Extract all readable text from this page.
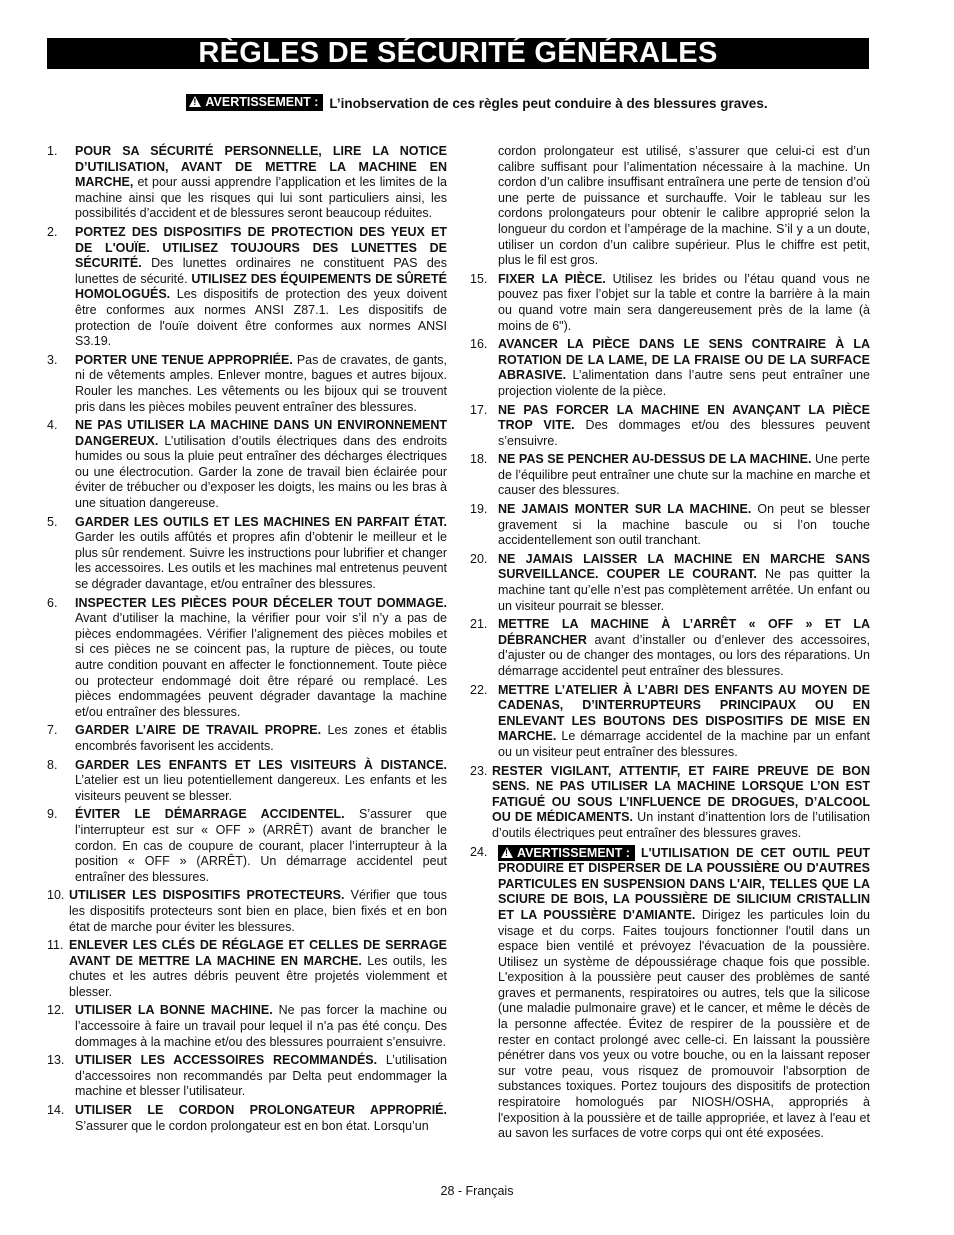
RÈGLES DE SÉCURITÉ GÉNÉRALES
!AVERTISSEMENT : L’inobservation de ces règles peut conduire à des blessures graves.
1. POUR SA SÉCURITÉ PERSONNELLE, LIRE LA NOTICE D’UTILISATION, AVANT DE METTRE LA MACHINE EN MARCHE, et pour aussi apprendre l’application et les limites de la machine ainsi que les risques qui lui sont particuliers ainsi, les possibilités d’accident et de blessures seront beaucoup réduites.
2. PORTEZ DES DISPOSITIFS DE PROTECTION DES YEUX ET DE L'OUÏE. UTILISEZ TOUJOURS DES LUNETTES DE SÉCURITÉ. Des lunettes ordinaires ne constituent PAS des lunettes de sécurité. UTILISEZ DES ÉQUIPEMENTS DE SÛRETÉ HOMOLOGUÉS. Les dispositifs de protection des yeux doivent être conformes aux normes ANSI Z87.1. Les dispositifs de protection de l'ouïe doivent être conformes aux normes ANSI S3.19.
3. PORTER UNE TENUE APPROPRIÉE. Pas de cravates, de gants, ni de vêtements amples. Enlever montre, bagues et autres bijoux. Rouler les manches. Les vêtements ou les bijoux qui se trouvent pris dans les pièces mobiles peuvent entraîner des blessures.
4. NE PAS UTILISER LA MACHINE DANS UN ENVIRONNEMENT DANGEREUX. L’utilisation d’outils électriques dans des endroits humides ou sous la pluie peut entraîner des décharges électriques ou une électrocution. Garder la zone de travail bien éclairée pour éviter de trébucher ou d’exposer les doigts, les mains ou les bras à une situation dangereuse.
5. GARDER LES OUTILS ET LES MACHINES EN PARFAIT ÉTAT. Garder les outils affûtés et propres afin d’obtenir le meilleur et le plus sûr rendement. Suivre les instructions pour lubrifier et changer les accessoires. Les outils et les machines mal entretenus peuvent se dégrader davantage, et/ou entraîner des blessures.
6. INSPECTER LES PIÈCES POUR DÉCELER TOUT DOMMAGE. Avant d’utiliser la machine, la vérifier pour voir s’il n’y a pas de pièces endommagées. Vérifier l’alignement des pièces mobiles et si ces pièces ne se coincent pas, la rupture de pièces, ou toute autre condition pouvant en affecter le fonctionnement. Toute pièce ou protecteur endommagé doit être réparé ou remplacé. Les pièces endommagées peuvent dégrader davantage la machine et/ou entraîner des blessures.
7. GARDER L’AIRE DE TRAVAIL PROPRE. Les zones et établis encombrés favorisent les accidents.
8. GARDER LES ENFANTS ET LES VISITEURS À DISTANCE. L’atelier est un lieu potentiellement dangereux. Les enfants et les visiteurs peuvent se blesser.
9. ÉVITER LE DÉMARRAGE ACCIDENTEL. S’assurer que l’interrupteur est sur « OFF » (ARRÊT) avant de brancher le cordon. En cas de coupure de courant, placer l’interrupteur à la position « OFF » (ARRÊT). Un démarrage accidentel peut entraîner des blessures.
10. UTILISER LES DISPOSITIFS PROTECTEURS. Vérifier que tous les dispositifs protecteurs sont bien en place, bien fixés et en bon état de marche pour éviter les blessures.
11. ENLEVER LES CLÉS DE RÉGLAGE ET CELLES DE SERRAGE AVANT DE METTRE LA MACHINE EN MARCHE. Les outils, les chutes et les autres débris peuvent être projetés violemment et blesser.
12. UTILISER LA BONNE MACHINE. Ne pas forcer la machine ou l’accessoire à faire un travail pour lequel il n’a pas été conçu. Des dommages à la machine et/ou des blessures pourraient s’ensuivre.
13. UTILISER LES ACCESSOIRES RECOMMANDÉS. L’utilisation d’accessoires non recommandés par Delta peut endommager la machine et blesser l’utilisateur.
14. UTILISER LE CORDON PROLONGATEUR APPROPRIÉ. S’assurer que le cordon prolongateur est en bon état. Lorsqu’un
cordon prolongateur est utilisé, s’assurer que celui-ci est d’un calibre suffisant pour l’alimentation nécessaire à la machine. Un cordon d’un calibre insuffisant entraînera une perte de tension d’où une perte de puissance et surchauffe. Voir le tableau sur les cordons prolongateurs pour obtenir le calibre approprié selon la longueur du cordon et l’ampérage de la machine. S’il y a un doute, utiliser un cordon d’un calibre supérieur. Plus le chiffre est petit, plus le fil est gros.
15. FIXER LA PIÈCE. Utilisez les brides ou l’étau quand vous ne pouvez pas fixer l’objet sur la table et contre la barrière à la main ou quand votre main sera dangereusement près de la lame (à moins de 6").
16. AVANCER LA PIÈCE DANS LE SENS CONTRAIRE À LA ROTATION DE LA LAME, DE LA FRAISE OU DE LA SURFACE ABRASIVE. L’alimentation dans l’autre sens peut entraîner une projection violente de la pièce.
17. NE PAS FORCER LA MACHINE EN AVANÇANT LA PIÈCE TROP VITE. Des dommages et/ou des blessures peuvent s’ensuivre.
18. NE PAS SE PENCHER AU-DESSUS DE LA MACHINE. Une perte de l’équilibre peut entraîner une chute sur la machine en marche et causer des blessures.
19. NE JAMAIS MONTER SUR LA MACHINE. On peut se blesser gravement si la machine bascule ou si l’on touche accidentellement son outil tranchant.
20. NE JAMAIS LAISSER LA MACHINE EN MARCHE SANS SURVEILLANCE. COUPER LE COURANT. Ne pas quitter la machine tant qu’elle n’est pas complètement arrêtée. Un enfant ou un visiteur pourrait se blesser.
21. METTRE LA MACHINE À L’ARRÊT « OFF » ET LA DÉBRANCHER avant d’installer ou d’enlever des accessoires, d’ajuster ou de changer des montages, ou lors des réparations. Un démarrage accidentel peut entraîner des blessures.
22. METTRE L’ATELIER À L’ABRI DES ENFANTS AU MOYEN DE CADENAS, D’INTERRUPTEURS PRINCIPAUX OU EN ENLEVANT LES BOUTONS DES DISPOSITIFS DE MISE EN MARCHE. Le démarrage accidentel de la machine par un enfant ou un visiteur peut entraîner des blessures.
23. RESTER VIGILANT, ATTENTIF, ET FAIRE PREUVE DE BON SENS. NE PAS UTILISER LA MACHINE LORSQUE L’ON EST FATIGUÉ OU SOUS L’INFLUENCE DE DROGUES, D’ALCOOL OU DE MÉDICAMENTS. Un instant d’inattention lors de l’utilisation d’outils électriques peut entraîner des blessures graves.
24.
! AVERTISSEMENT : L'UTILISATION DE CET OUTIL PEUT PRODUIRE ET DISPERSER DE LA POUSSIÈRE OU D'AUTRES PARTICULES EN SUSPENSION DANS L'AIR, TELLES QUE LA SCIURE DE BOIS, LA POUSSIÈRE DE SILICIUM CRISTALLIN ET LA POUSSIÈRE D'AMIANTE. Dirigez les particules loin du visage et du corps. Faites toujours fonctionner l'outil dans un espace bien ventilé et prévoyez l'évacuation de la poussière. Utilisez un système de dépoussiérage chaque fois que possible. L'exposition à la poussière peut causer des problèmes de santé graves et permanents, respiratoires ou autres, tels que la silicose (une maladie pulmonaire grave) et le cancer, et même le décès de la personne affectée. Évitez de respirer de la poussière et de rester en contact prolongé avec celle-ci. En laissant la poussière pénétrer dans vos yeux ou votre bouche, ou en la laissant reposer sur votre peau, vous risquez de promouvoir l'absorption de substances toxiques. Portez toujours des dispositifs de protection respiratoire homologués par NIOSH/OSHA, appropriés à l'exposition à la poussière et de taille appropriée, et lavez à l'eau et au savon les surfaces de votre corps qui ont été exposées.
28 - Français
